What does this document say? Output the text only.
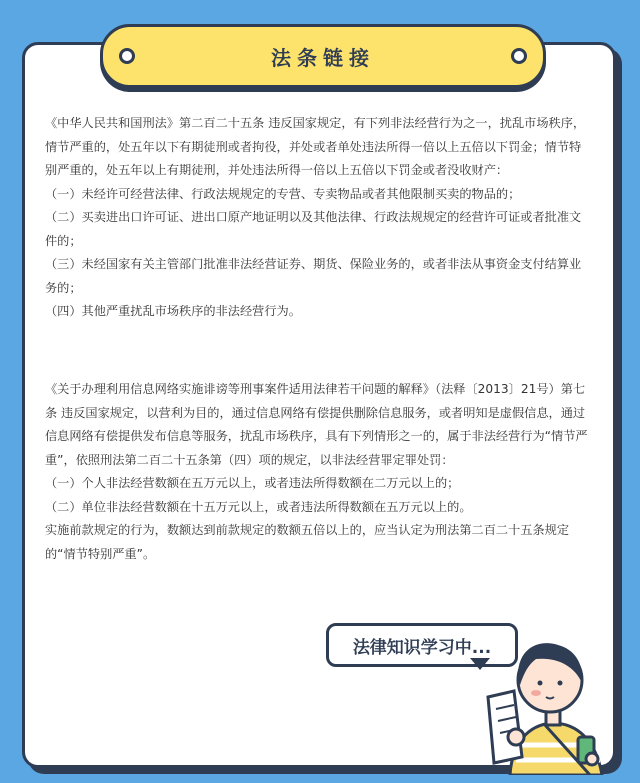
法条链接

《中华人民共和国刑法》第二百二十五条 违反国家规定，有下列非法经营行为之一，扰乱市场秩序，情节严重的，处五年以下有期徒刑或者拘役，并处或者单处违法所得一倍以上五倍以下罚金；情节特别严重的，处五年以上有期徒刑，并处违法所得一倍以上五倍以下罚金或者没收财产：

（一）未经许可经营法律、行政法规规定的专营、专卖物品或者其他限制买卖的物品的；

（二）买卖进出口许可证、进出口原产地证明以及其他法律、行政法规规定的经营许可证或者批准文件的；

（三）未经国家有关主管部门批准非法经营证券、期货、保险业务的，或者非法从事资金支付结算业务的；

（四）其他严重扰乱市场秩序的非法经营行为。

《关于办理利用信息网络实施诽谤等刑事案件适用法律若干问题的解释》（法释〔2013〕21号）第七条 违反国家规定，以营利为目的，通过信息网络有偿提供删除信息服务，或者明知是虚假信息，通过信息网络有偿提供发布信息等服务，扰乱市场秩序，具有下列情形之一的，属于非法经营行为“情节严重”，依照刑法第二百二十五条第（四）项的规定，以非法经营罪定罪处罚：

（一）个人非法经营数额在五万元以上，或者违法所得数额在二万元以上的；

（二）单位非法经营数额在十五万元以上，或者违法所得数额在五万元以上的。

实施前款规定的行为，数额达到前款规定的数额五倍以上的，应当认定为刑法第二百二十五条规定的“情节特别严重”。

法律知识学习中...
